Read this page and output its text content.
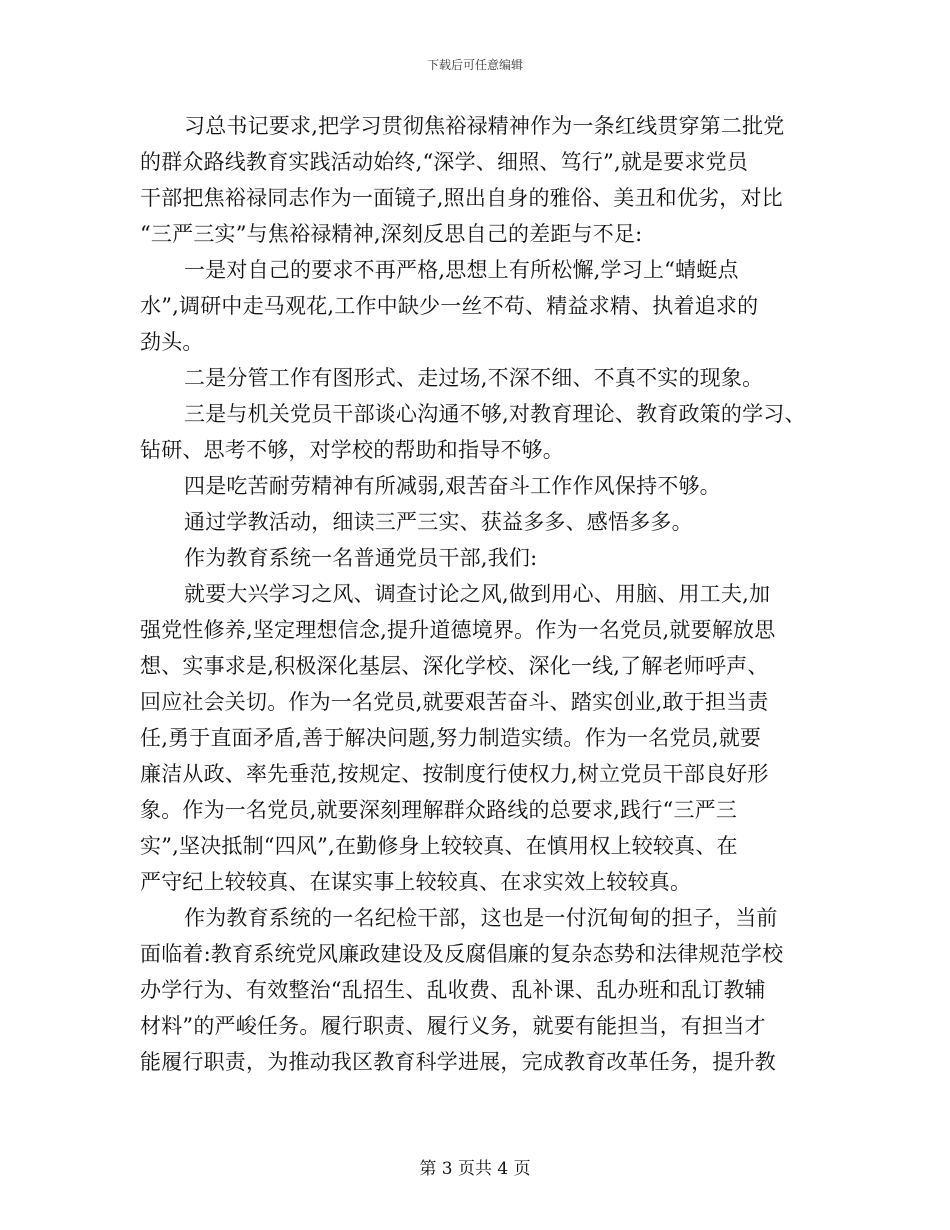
下载后可任意编辑
习总书记要求,把学习贯彻焦裕禄精神作为一条红线贯穿第二批党
的群众路线教育实践活动始终,“深学、细照、笃行”,就是要求党员
干部把焦裕禄同志作为一面镜子,照出自身的雅俗、美丑和优劣，对比
“三严三实”与焦裕禄精神,深刻反思自己的差距与不足:
一是对自己的要求不再严格,思想上有所松懈,学习上“蜻蜓点
水”,调研中走马观花,工作中缺少一丝不苟、精益求精、执着追求的
劲头。
二是分管工作有图形式、走过场,不深不细、不真不实的现象。
三是与机关党员干部谈心沟通不够,对教育理论、教育政策的学习、
钻研、思考不够，对学校的帮助和指导不够。
四是吃苦耐劳精神有所减弱,艰苦奋斗工作作风保持不够。
通过学教活动，细读三严三实、获益多多、感悟多多。
作为教育系统一名普通党员干部,我们:
就要大兴学习之风、调查讨论之风,做到用心、用脑、用工夫,加
强党性修养,坚定理想信念,提升道德境界。作为一名党员,就要解放思
想、实事求是,积极深化基层、深化学校、深化一线,了解老师呼声、
回应社会关切。作为一名党员,就要艰苦奋斗、踏实创业,敢于担当责
任,勇于直面矛盾,善于解决问题,努力制造实绩。作为一名党员,就要
廉洁从政、率先垂范,按规定、按制度行使权力,树立党员干部良好形
象。作为一名党员,就要深刻理解群众路线的总要求,践行“三严三
实”,坚决抵制“四风”,在勤修身上较较真、在慎用权上较较真、在
严守纪上较较真、在谋实事上较较真、在求实效上较较真。
作为教育系统的一名纪检干部，这也是一付沉甸甸的担子，当前
面临着:教育系统党风廉政建设及反腐倡廉的复杂态势和法律规范学校
办学行为、有效整治“乱招生、乱收费、乱补课、乱办班和乱订教辅
材料”的严峻任务。履行职责、履行义务，就要有能担当，有担当才
能履行职责，为推动我区教育科学进展，完成教育改革任务，提升教
第 3 页共 4 页
